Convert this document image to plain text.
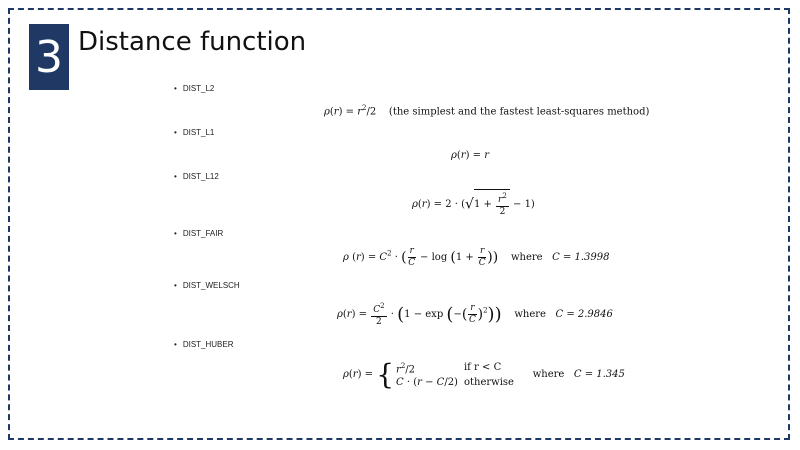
3 Distance function
• DIST_L2
$\rho(r) = r^2/2$    (the simplest and the fastest least-squares method)
• DIST_L1
ρ(r) = r
• DIST_L12
$\rho(r) = 2 \cdot (√1 + \frac{r^2}{2} - 1)$
• DIST_FAIR
ρ $(r) = C^2$ · ( $\frac{r}{C} - \log (1 + \frac{r}{C}$ )) where C = 1.3998
• DIST_WELSCH
$\rho(r) = \frac{C^2}{2} \cdot (1 - \exp$ (−( $\frac{r}{C} )^2$)) where C = 2.9846
• DIST_HUBER
ρ(r) = { $r^2/2$	if r < C
C · (r − C/2)	otherwise    where C = 1.345
